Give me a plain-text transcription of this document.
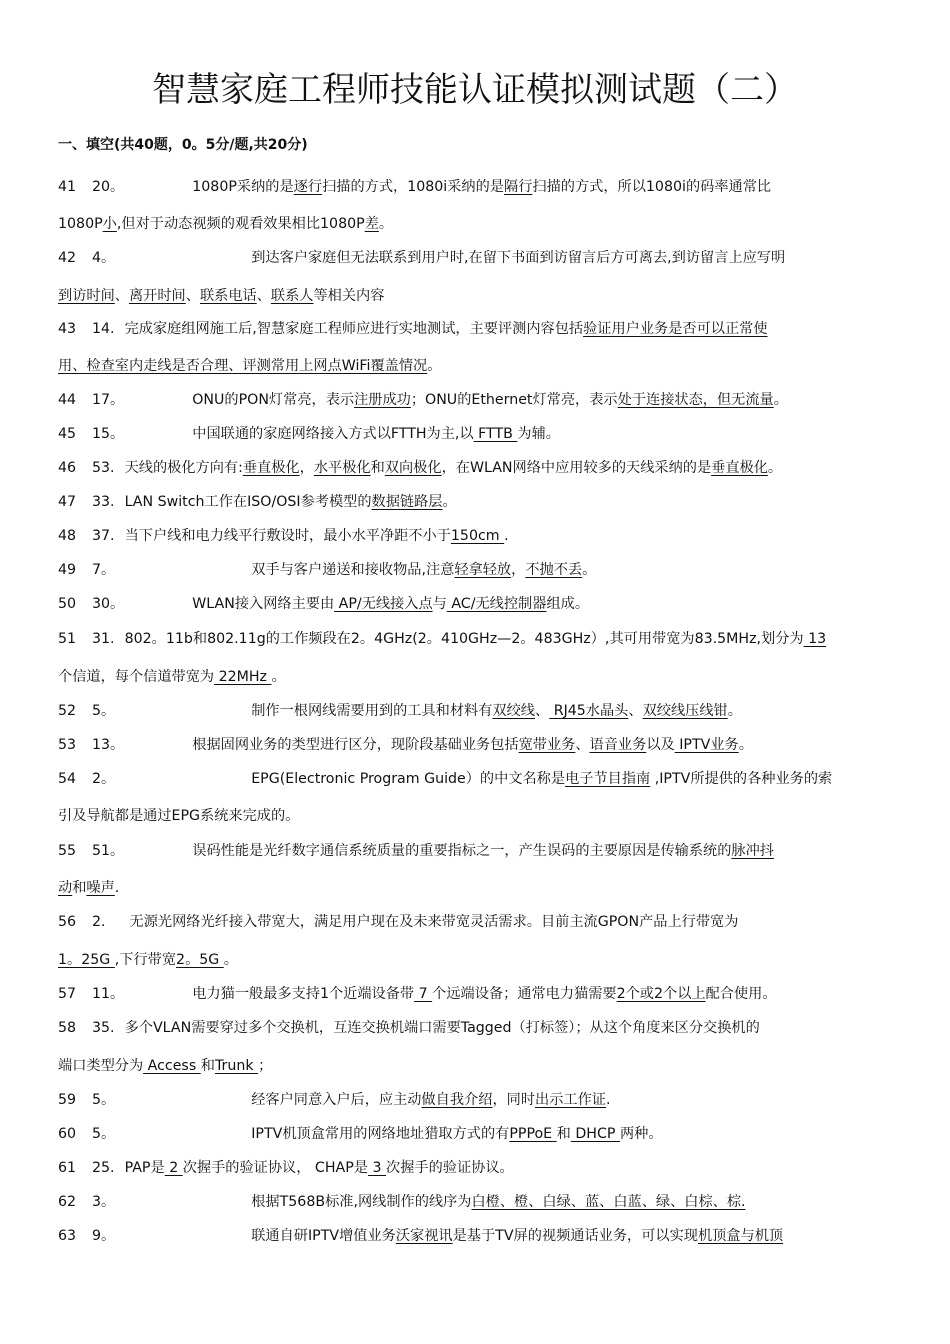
智慧家庭工程师技能认证模拟测试题（二）
一、填空(共40题，0。5分/题,共20分)
41 20。	1080P采纳的是逐行扫描的方式，1080i采纳的是隔行扫描的方式，所以1080i的码率通常比
1080P小,但对于动态视频的观看效果相比1080P差。
42 4。	到达客户家庭但无法联系到用户时,在留下书面到访留言后方可离去,到访留言上应写明
到访时间、离开时间、联系电话、联系人等相关内容
43 14. 完成家庭组网施工后,智慧家庭工程师应进行实地测试，主要评测内容包括验证用户业务是否可以正常使
用、检查室内走线是否合理、评测常用上网点WiFi覆盖情况。
44 17。	ONU的PON灯常亮，表示注册成功；ONU的Ethernet灯常亮，表示处于连接状态，但无流量。
45 15。	中国联通的家庭网络接入方式以FTTH为主,以 FTTB 为辅。
46 53. 天线的极化方向有:垂直极化，水平极化和双向极化，在WLAN网络中应用较多的天线采纳的是垂直极化。
47 33. LAN Switch工作在ISO/OSI参考模型的数据链路层。
48 37. 当下户线和电力线平行敷设时，最小水平净距不小于150cm .
49 7。	双手与客户递送和接收物品,注意轻拿轻放，不抛不丢。
50 30。	WLAN接入网络主要由 AP/无线接入点与 AC/无线控制器组成。
51 31. 802。11b和802.11g的工作频段在2。4GHz(2。410GHz—2。483GHz）,其可用带宽为83.5MHz,划分为 13
个信道，每个信道带宽为 22MHz 。
52 5。	制作一根网线需要用到的工具和材料有双绞线、 RJ45水晶头、双绞线压线钳。
53 13。	根据固网业务的类型进行区分，现阶段基础业务包括宽带业务、语音业务以及 IPTV业务。
54 2。	EPG(Electronic Program Guide）的中文名称是电子节目指南 ,IPTV所提供的各种业务的索
引及导航都是通过EPG系统来完成的。
55 51。	误码性能是光纤数字通信系统质量的重要指标之一，产生误码的主要原因是传输系统的脉冲抖
动和噪声.
56 2. 无源光网络光纤接入带宽大，满足用户现在及未来带宽灵活需求。目前主流GPON产品上行带宽为
1。25G ,下行带宽2。5G 。
57 11。	电力猫一般最多支持1个近端设备带 7 个远端设备；通常电力猫需要2个或2个以上配合使用。
58 35. 多个VLAN需要穿过多个交换机，互连交换机端口需要Tagged（打标签）；从这个角度来区分交换机的
端口类型分为 Access 和Trunk ；
59 5。	经客户同意入户后，应主动做自我介绍，同时出示工作证.
60 5。	IPTV机顶盒常用的网络地址猎取方式的有PPPoE 和 DHCP 两种。
61 25. PAP是 2 次握手的验证协议， CHAP是 3 次握手的验证协议。
62 3。	根据T568B标准,网线制作的线序为白橙、橙、白绿、蓝、白蓝、绿、白棕、棕.
63 9。	联通自研IPTV增值业务沃家视讯是基于TV屏的视频通话业务，可以实现机顶盒与机顶
